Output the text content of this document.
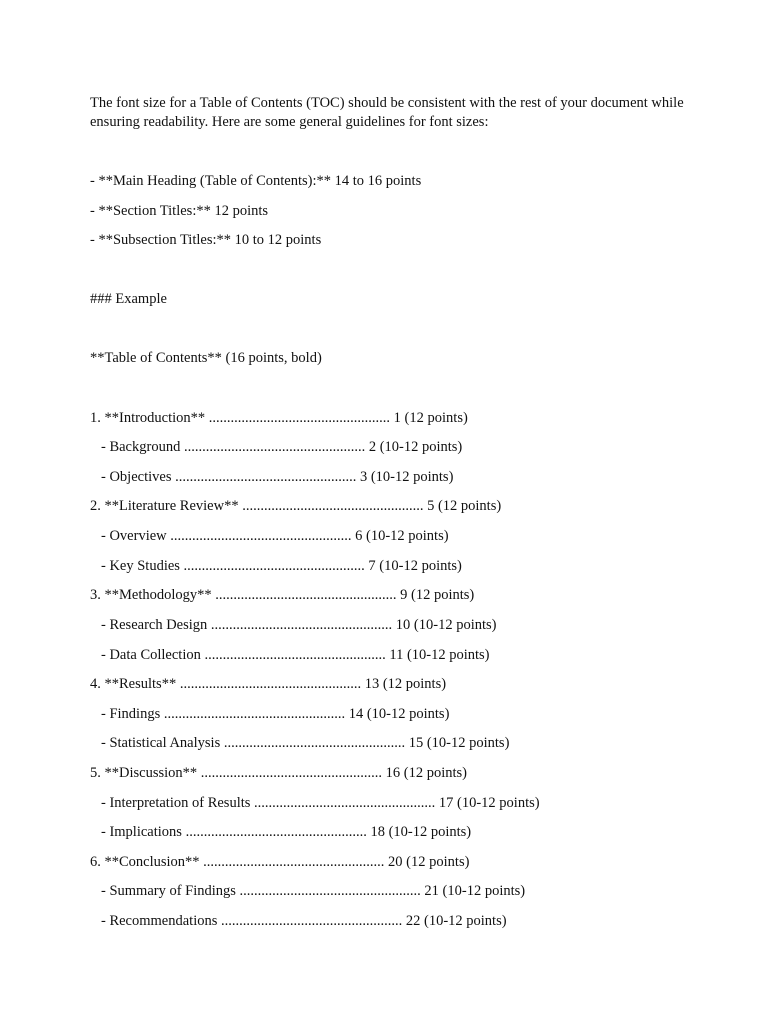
The font size for a Table of Contents (TOC) should be consistent with the rest of your document while ensuring readability. Here are some general guidelines for font sizes:
- **Main Heading (Table of Contents):** 14 to 16 points
- **Section Titles:** 12 points
- **Subsection Titles:** 10 to 12 points
### Example
**Table of Contents** (16 points, bold)
1. **Introduction** .................................................. 1 (12 points)
- Background .................................................. 2 (10-12 points)
- Objectives .................................................. 3 (10-12 points)
2. **Literature Review** .................................................. 5 (12 points)
- Overview .................................................. 6 (10-12 points)
- Key Studies .................................................. 7 (10-12 points)
3. **Methodology** .................................................. 9 (12 points)
- Research Design .................................................. 10 (10-12 points)
- Data Collection .................................................. 11 (10-12 points)
4. **Results** .................................................. 13 (12 points)
- Findings .................................................. 14 (10-12 points)
- Statistical Analysis .................................................. 15 (10-12 points)
5. **Discussion** .................................................. 16 (12 points)
- Interpretation of Results .................................................. 17 (10-12 points)
- Implications .................................................. 18 (10-12 points)
6. **Conclusion** .................................................. 20 (12 points)
- Summary of Findings .................................................. 21 (10-12 points)
- Recommendations .................................................. 22 (10-12 points)
